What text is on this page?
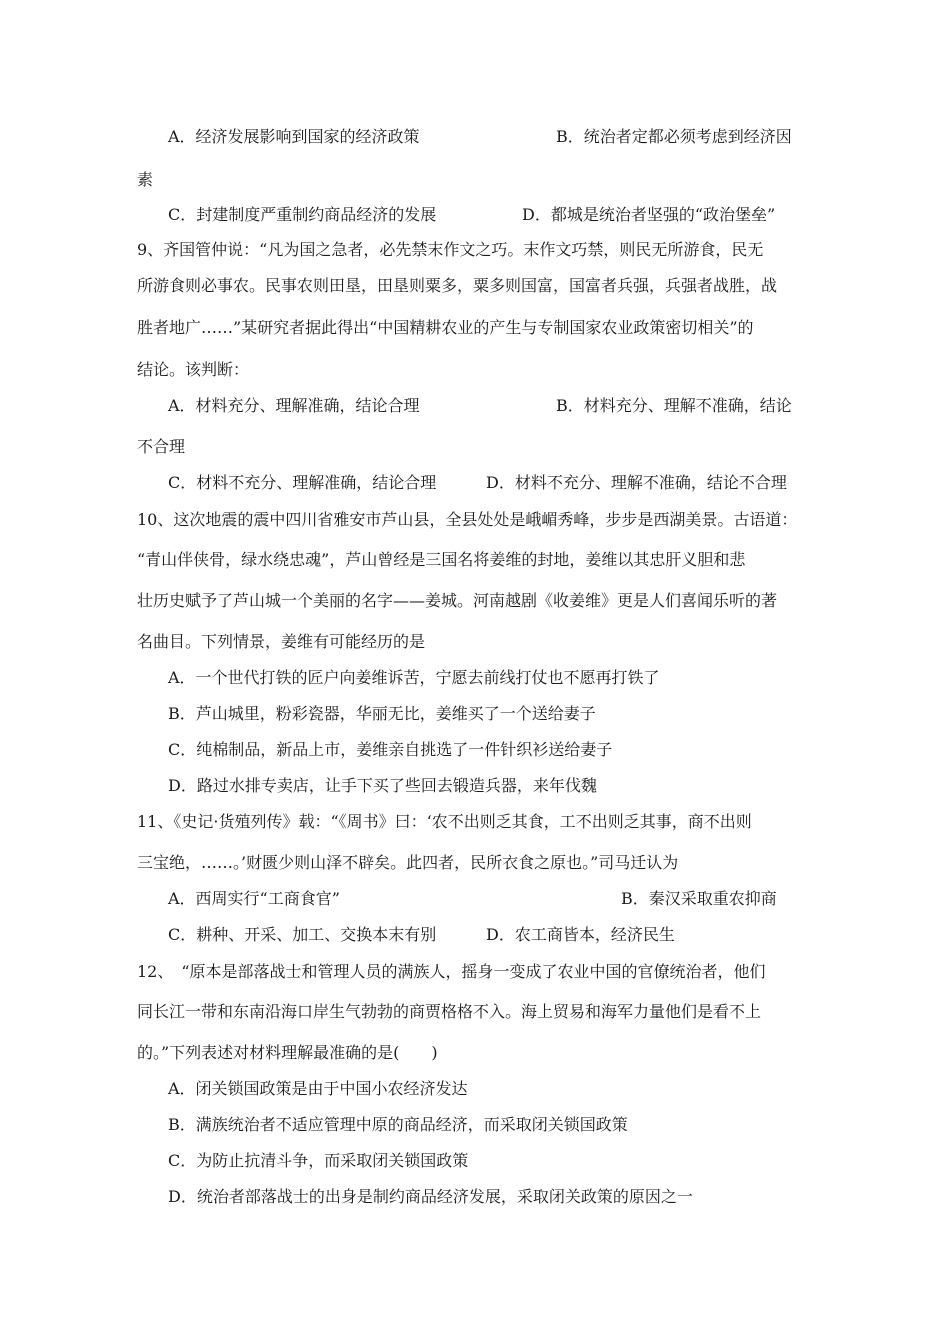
A．经济发展影响到国家的经济政策	B．统治者定都必须考虑到经济因
素
C．封建制度严重制约商品经济的发展	D．都城是统治者坚强的“政治堡垒”
9、齐国管仲说：“凡为国之急者，必先禁末作文之巧。末作文巧禁，则民无所游食，民无
所游食则必事农。民事农则田垦，田垦则粟多，粟多则国富，国富者兵强，兵强者战胜，战
胜者地广……”某研究者据此得出“中国精耕农业的产生与专制国家农业政策密切相关”的
结论。该判断：
A．材料充分、理解准确，结论合理	B．材料充分、理解不准确，结论
不合理
C．材料不充分、理解准确，结论合理	D．材料不充分、理解不准确，结论不合理
10、这次地震的震中四川省雅安市芦山县，全县处处是峨嵋秀峰，步步是西湖美景。古语道：
“青山伴侠骨，绿水绕忠魂”，芦山曾经是三国名将姜维的封地，姜维以其忠肝义胆和悲
壮历史赋予了芦山城一个美丽的名字——姜城。河南越剧《收姜维》更是人们喜闻乐听的著
名曲目。下列情景，姜维有可能经历的是
A．一个世代打铁的匠户向姜维诉苦，宁愿去前线打仗也不愿再打铁了
B．芦山城里，粉彩瓷器，华丽无比，姜维买了一个送给妻子
C．纯棉制品，新品上市，姜维亲自挑选了一件针织衫送给妻子
D．路过水排专卖店，让手下买了些回去锻造兵器，来年伐魏
11、《史记·货殖列传》载：“《周书》曰：‘农不出则乏其食，工不出则乏其事，商不出则
三宝绝，……。’财匮少则山泽不辟矣。此四者，民所衣食之原也。”司马迁认为
A．西周实行“工商食官”	B．秦汉采取重农抑商
C．耕种、开采、加工、交换本末有别	D．农工商皆本，经济民生
12、　“原本是部落战士和管理人员的满族人，摇身一变成了农业中国的官僚统治者，他们
同长江一带和东南沿海口岸生气勃勃的商贾格格不入。海上贸易和海军力量他们是看不上
的。”下列表述对材料理解最准确的是(　　)
A．闭关锁国政策是由于中国小农经济发达
B．满族统治者不适应管理中原的商品经济，而采取闭关锁国政策
C．为防止抗清斗争，而采取闭关锁国政策
D．统治者部落战士的出身是制约商品经济发展，采取闭关政策的原因之一
